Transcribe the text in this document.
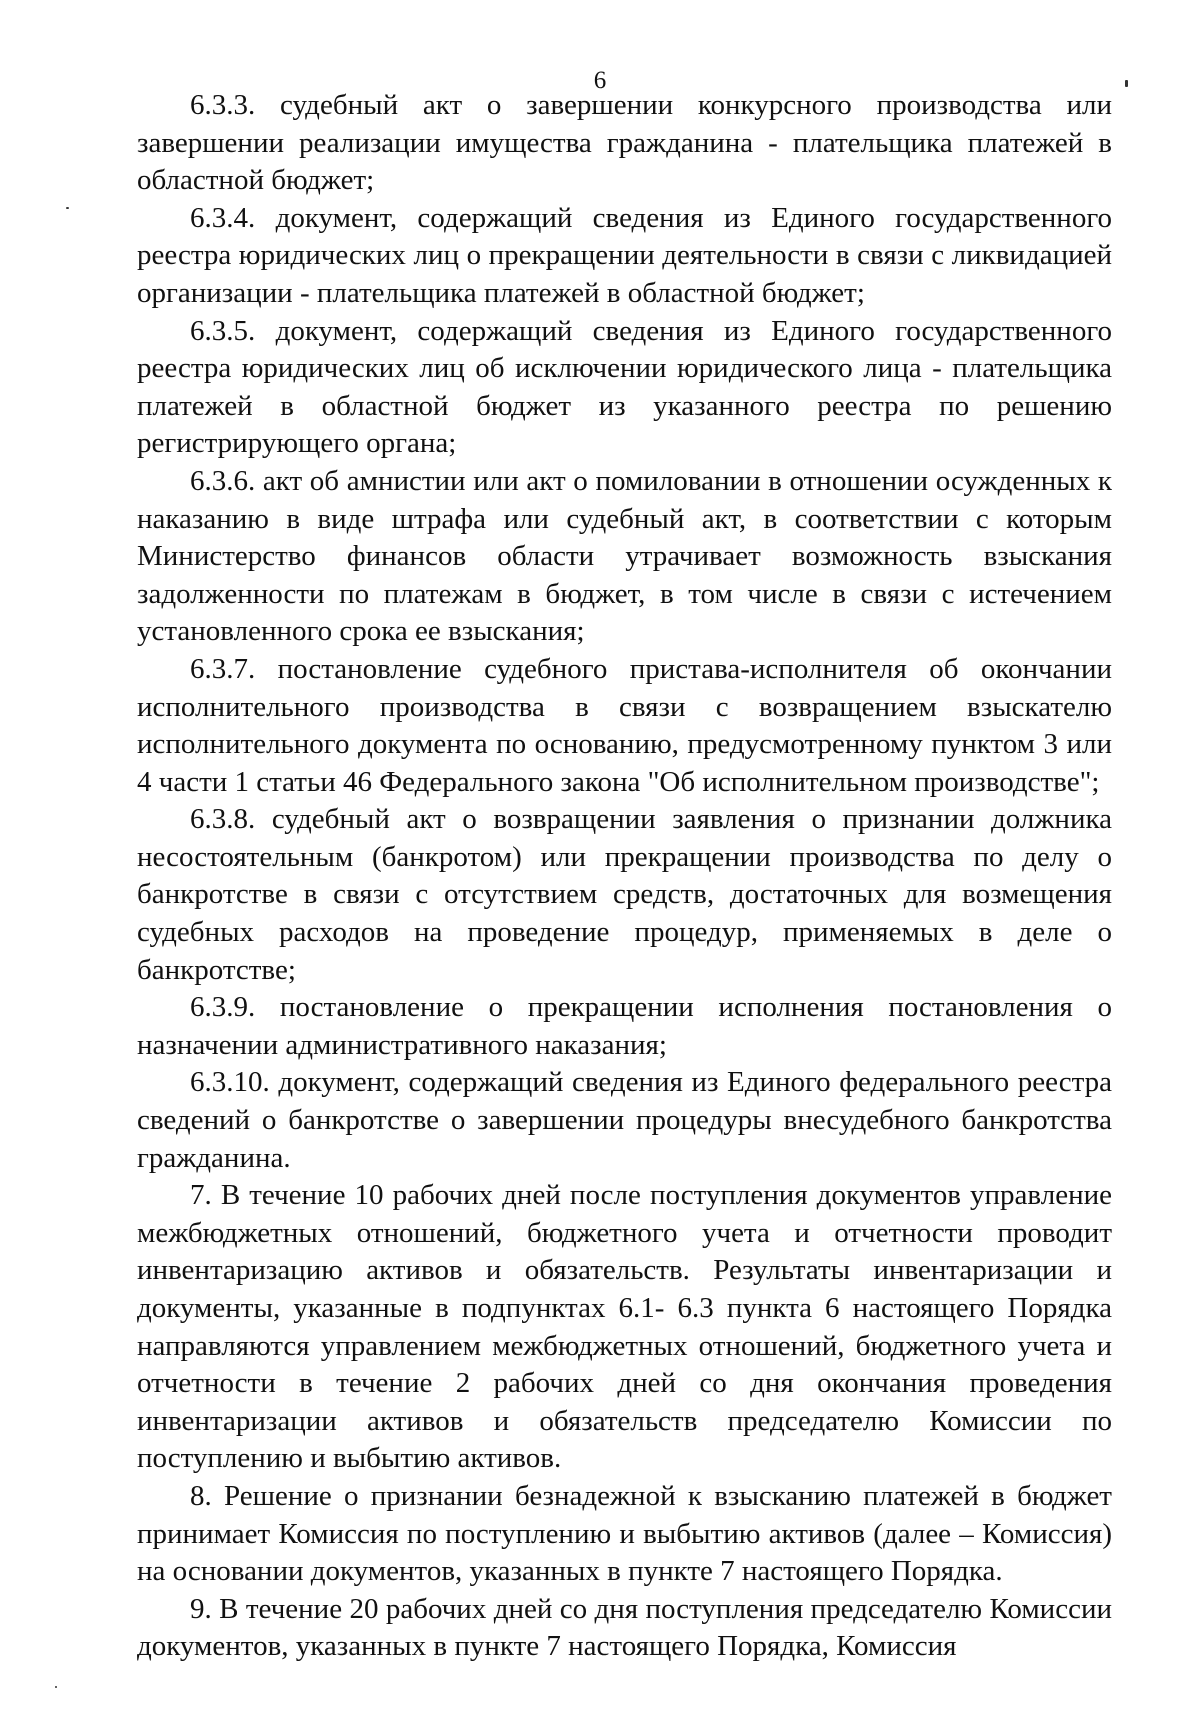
6

6.3.3. судебный акт о завершении конкурсного производства или завершении реализации имущества гражданина - плательщика платежей в областной бюджет;

6.3.4. документ, содержащий сведения из Единого государственного реестра юридических лиц о прекращении деятельности в связи с ликвидацией организации - плательщика платежей в областной бюджет;

6.3.5. документ, содержащий сведения из Единого государственного реестра юридических лиц об исключении юридического лица - плательщика платежей в областной бюджет из указанного реестра по решению регистрирующего органа;

6.3.6. акт об амнистии или акт о помиловании в отношении осужденных к наказанию в виде штрафа или судебный акт, в соответствии с которым Министерство финансов области утрачивает возможность взыскания задолженности по платежам в бюджет, в том числе в связи с истечением установленного срока ее взыскания;

6.3.7. постановление судебного пристава-исполнителя об окончании исполнительного производства в связи с возвращением взыскателю исполнительного документа по основанию, предусмотренному пунктом 3 или 4 части 1 статьи 46 Федерального закона "Об исполнительном производстве";

6.3.8. судебный акт о возвращении заявления о признании должника несостоятельным (банкротом) или прекращении производства по делу о банкротстве в связи с отсутствием средств, достаточных для возмещения судебных расходов на проведение процедур, применяемых в деле о банкротстве;

6.3.9. постановление о прекращении исполнения постановления о назначении административного наказания;

6.3.10. документ, содержащий сведения из Единого федерального реестра сведений о банкротстве о завершении процедуры внесудебного банкротства гражданина.

7. В течение 10 рабочих дней после поступления документов управление межбюджетных отношений, бюджетного учета и отчетности проводит инвентаризацию активов и обязательств. Результаты инвентаризации и документы, указанные в подпунктах 6.1- 6.3 пункта 6 настоящего Порядка направляются управлением межбюджетных отношений, бюджетного учета и отчетности в течение 2 рабочих дней со дня окончания проведения инвентаризации активов и обязательств председателю Комиссии по поступлению и выбытию активов.

8. Решение о признании безнадежной к взысканию платежей в бюджет принимает Комиссия по поступлению и выбытию активов (далее – Комиссия) на основании документов, указанных в пункте 7 настоящего Порядка.

9. В течение 20 рабочих дней со дня поступления председателю Комиссии документов, указанных в пункте 7 настоящего Порядка, Комиссия
